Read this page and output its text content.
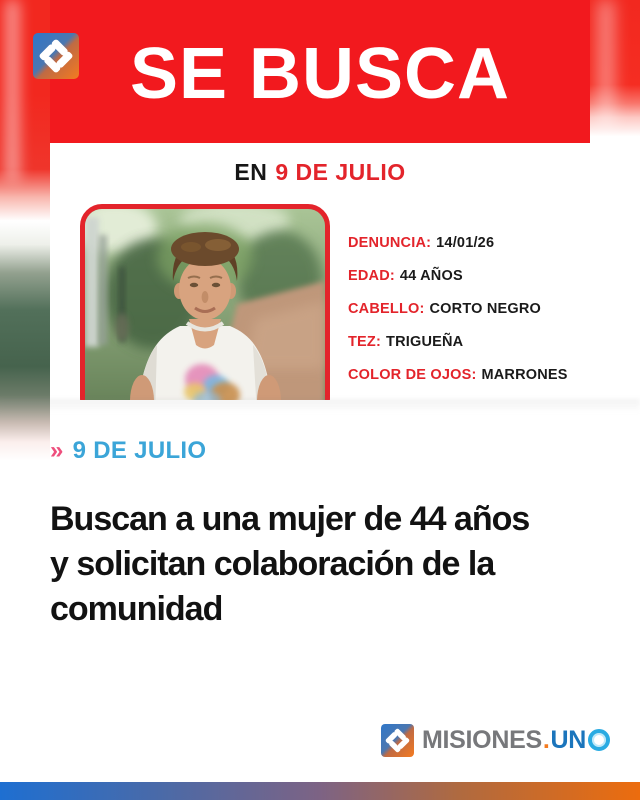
SE BUSCA
EN 9 DE JULIO
DENUNCIA: 14/01/26
EDAD: 44 AÑOS
CABELLO: CORTO NEGRO
TEZ: TRIGUEÑA
COLOR DE OJOS: MARRONES
» 9 DE JULIO
Buscan a una mujer de 44 años
y solicitan colaboración de la
comunidad
MISIONES . UN
